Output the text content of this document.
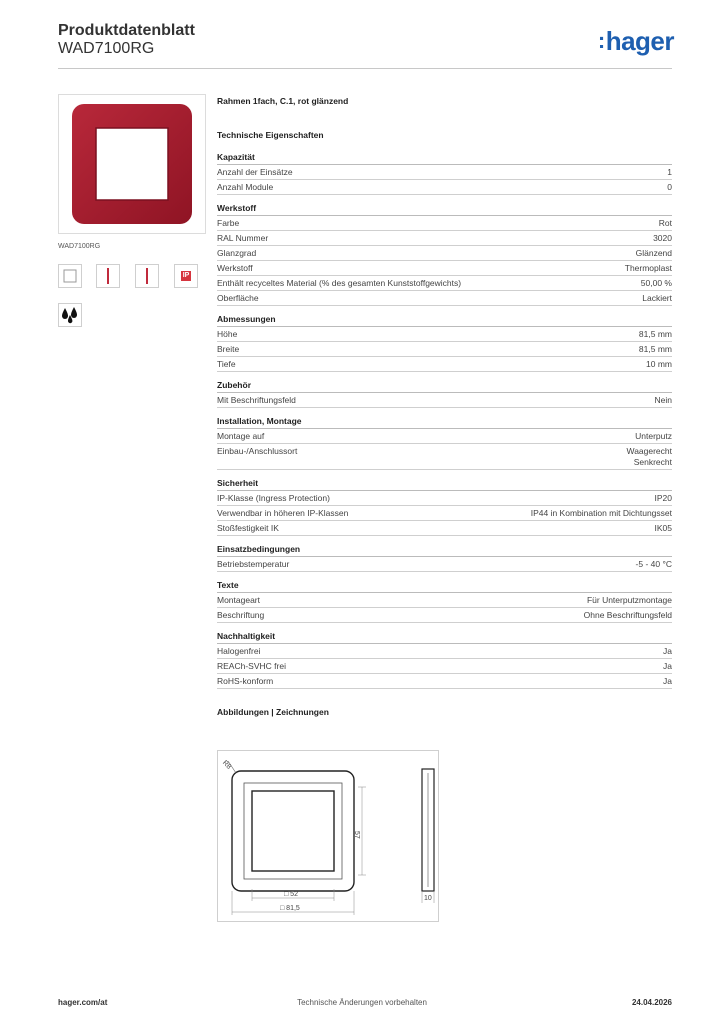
Produktdatenblatt
WAD7100RG	:hager
WAD7100RG
IP
Rahmen 1fach, C.1, rot glänzend
Technische Eigenschaften
Kapazität
Anzahl der Einsätze	1
Anzahl Module	0
Werkstoff
Farbe	Rot
RAL Nummer	3020
Glanzgrad	Glänzend
Werkstoff	Thermoplast
Enthält recyceltes Material (% des gesamten Kunststoffgewichts)	50,00 %
Oberfläche	Lackiert
Abmessungen
Höhe	81,5 mm
Breite	81,5 mm
Tiefe	10 mm
Zubehör
Mit Beschriftungsfeld	Nein
Installation, Montage
Montage auf	Unterputz
Einbau-/Anschlussort	Waagerecht
Senkrecht
Sicherheit
IP-Klasse (Ingress Protection)	IP20
Verwendbar in höheren IP-Klassen	IP44 in Kombination mit Dichtungsset
Stoßfestigkeit IK	IK05
Einsatzbedingungen
Betriebstemperatur	-5 - 40 °C
Texte
Montageart	Für Unterputzmontage
Beschriftung	Ohne Beschriftungsfeld
Nachhaltigkeit
Halogenfrei	Ja
REACh-SVHC frei	Ja
RoHS-konform	Ja
Abbildungen | Zeichnungen
R8
57
□ 52
□ 81,5
10
hager.com/at	Technische Änderungen vorbehalten	24.04.2026
